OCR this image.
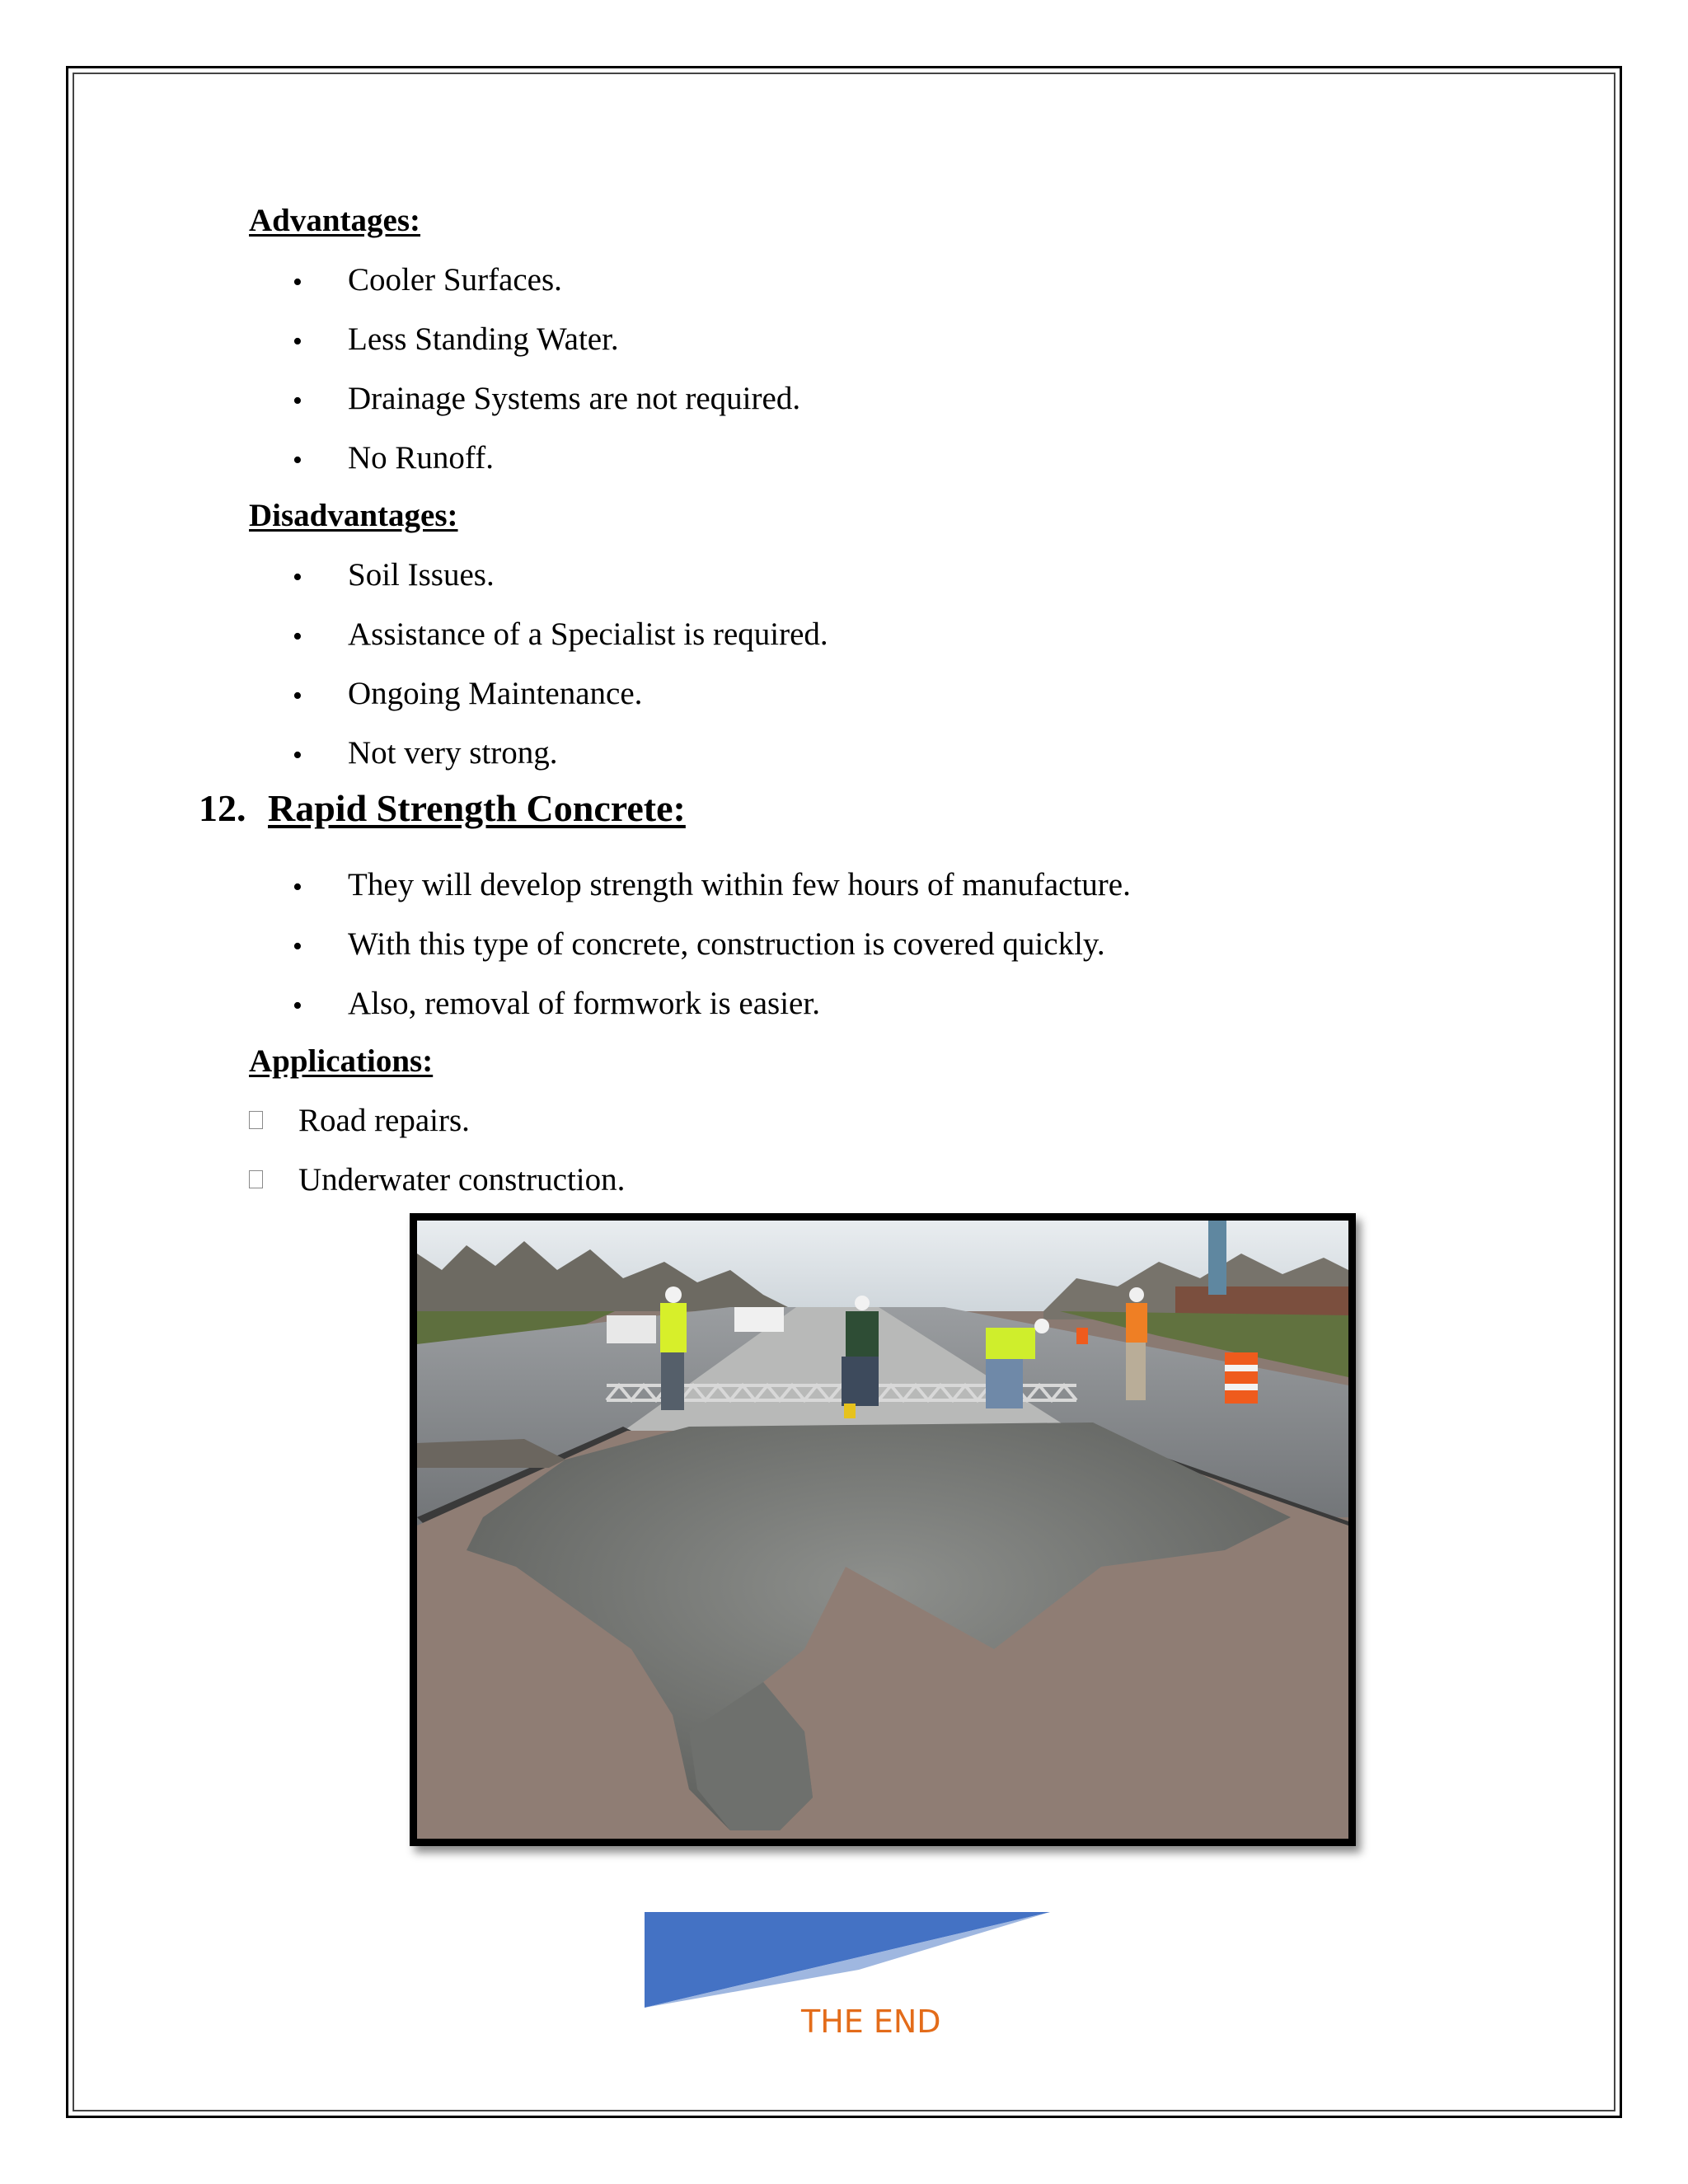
Advantages:
• Cooler Surfaces.
• Less Standing Water.
• Drainage Systems are not required.
• No Runoff.
Disadvantages:
• Soil Issues.
• Assistance of a Specialist is required.
• Ongoing Maintenance.
• Not very strong.
12. Rapid Strength Concrete:
• They will develop strength within few hours of manufacture.
• With this type of concrete, construction is covered quickly.
• Also, removal of formwork is easier.
Applications:
Road repairs.
Underwater construction.
THE END
